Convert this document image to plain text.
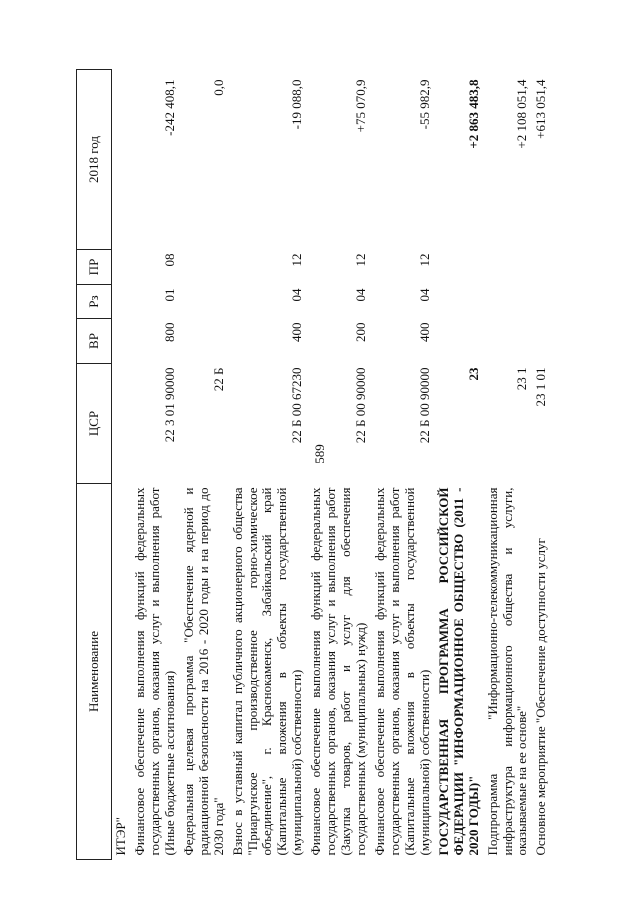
589
Наименование	ЦСР	ВР	Рз	ПР	2018 год
ИТЭР"					
Финансовое обеспечение выполнения функций федеральных государственных органов, оказания услуг и выполнения работ (Иные бюджетные ассигнования)	22 3 01 90000	800	01	08	-242 408,1
Федеральная целевая программа "Обеспечение ядерной и радиационной безопасности на 2016 - 2020 годы и на период до 2030 года"	22 Б				0,0
Взнос в уставный капитал публичного акционерного общества "Приаргунское производственное горно-химическое объединение", г. Краснокаменск, Забайкальский край (Капитальные вложения в объекты государственной (муниципальной) собственности)	22 Б 00 67230	400	04	12	-19 088,0
Финансовое обеспечение выполнения функций федеральных государственных органов, оказания услуг и выполнения работ (Закупка товаров, работ и услуг для обеспечения государственных (муниципальных) нужд)	22 Б 00 90000	200	04	12	+75 070,9
Финансовое обеспечение выполнения функций федеральных государственных органов, оказания услуг и выполнения работ (Капитальные вложения в объекты государственной (муниципальной) собственности)	22 Б 00 90000	400	04	12	-55 982,9
ГОСУДАРСТВЕННАЯ ПРОГРАММА РОССИЙСКОЙ ФЕДЕРАЦИИ "ИНФОРМАЦИОННОЕ ОБЩЕСТВО (2011 - 2020 ГОДЫ)"	23				+2 863 483,8
Подпрограмма "Информационно-телекоммуникационная инфраструктура информационного общества и услуги, оказываемые на ее основе"	23 1				+2 108 051,4
Основное мероприятие "Обеспечение доступности услуг	23 1 01				+613 051,4
